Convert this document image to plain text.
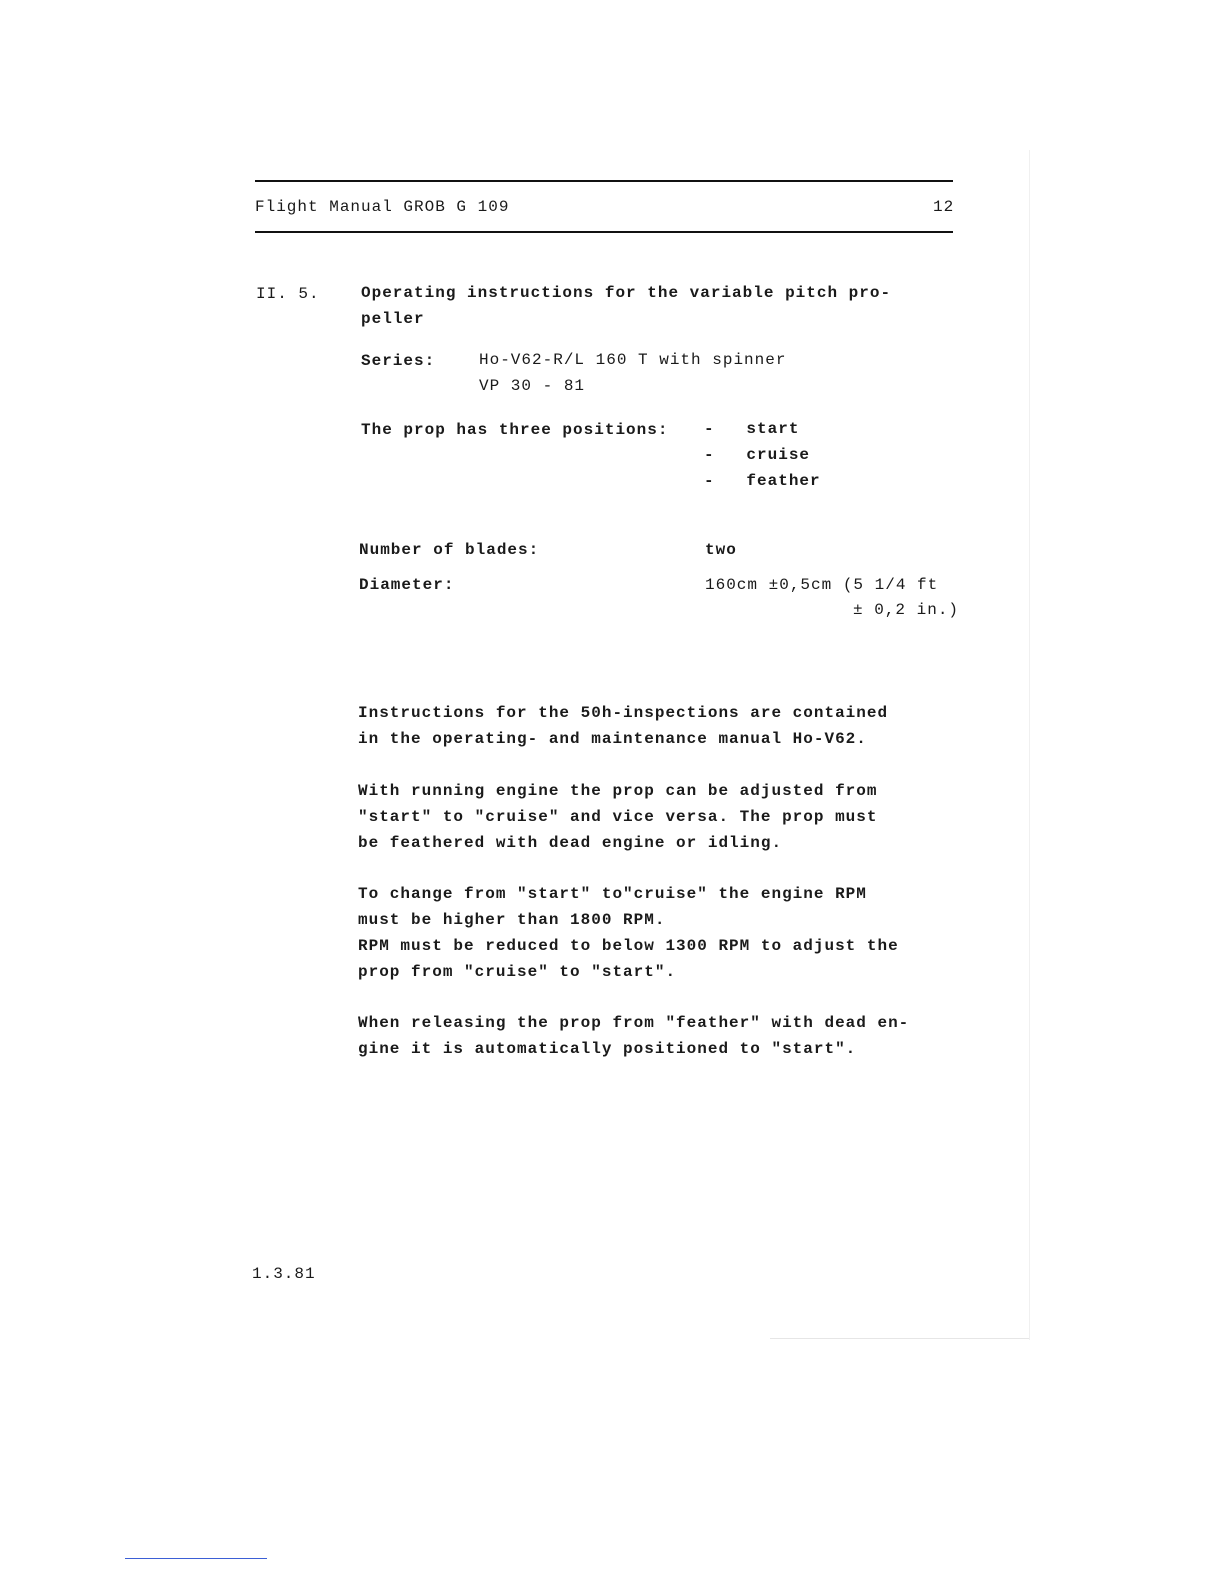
Flight Manual GROB G 109	12
II. 5.	Operating instructions for the variable pitch pro-
peller
Series:	Ho-V62-R/L 160 T with spinner
VP 30 - 81
The prop has three positions: - start
- cruise
- feather
Number of blades:	two
Diameter:	160cm ±0,5cm (5 1/4 ft
± 0,2 in.)
Instructions for the 50h-inspections are contained
in the operating- and maintenance manual Ho-V62.
With running engine the prop can be adjusted from
"start" to "cruise" and vice versa. The prop must
be feathered with dead engine or idling.
To change from "start" to"cruise" the engine RPM
must be higher than 1800 RPM.
RPM must be reduced to below 1300 RPM to adjust the
prop from "cruise" to "start".
When releasing the prop from "feather" with dead en-
gine it is automatically positioned to "start".
1.3.81
